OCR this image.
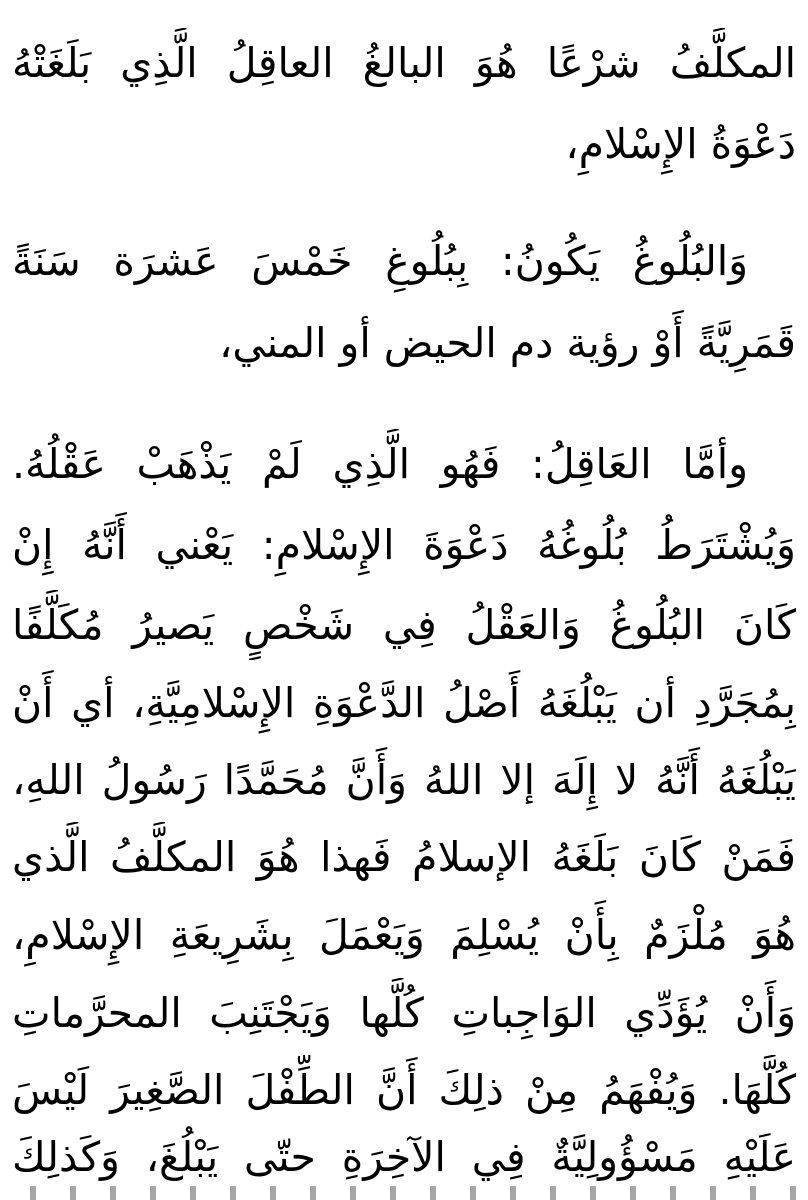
المكلَّفُ شرْعًا هُوَ البالغُ العاقِلُ الَّذِي بَلَغَتْهُ
دَعْوَةُ الإِسْلامِ،
وَالبُلُوغُ يَكُونُ: بِبُلُوغِ خَمْسَ عَشرَة سَنَةً
قَمَرِيَّةً أَوْ رؤية دم الحيض أو المني،
وأمَّا العَاقِلُ: فَهُو الَّذِي لَمْ يَذْهَبْ عَقْلُهُ.
وَيُشْتَرَطُ بُلُوغُهُ دَعْوَةَ الإِسْلامِ: يَعْني أَنَّهُ إِنْ
كَانَ البُلُوغُ وَالعَقْلُ فِي شَخْصٍ يَصيرُ مُكَلَّفًا
بِمُجَرَّدِ أن يَبْلُغَهُ أَصْلُ الدَّعْوَةِ الإِسْلامِيَّةِ، أي أَنْ
يَبْلُغَهُ أَنَّهُ لا إِلَهَ إلا اللهُ وَأَنَّ مُحَمَّدًا رَسُولُ اللهِ،
فَمَنْ كَانَ بَلَغَهُ الإسلامُ فَهذا هُوَ المكلَّفُ الَّذي
هُوَ مُلْزَمٌ بِأَنْ يُسْلِمَ وَيَعْمَلَ بِشَرِيعَةِ الإِسْلامِ،
وَأَنْ يُؤَدِّي الوَاجِباتِ كُلَّها وَيَجْتَنِبَ المحرَّماتِ
كُلَّهَا. وَيُفْهَمُ مِنْ ذلِكَ أَنَّ الطِّفْلَ الصَّغِيرَ لَيْسَ
عَلَيْهِ مَسْؤُولِيَّةٌ فِي الآخِرَةِ حتّى يَبْلُغَ، وَكَذلِكَ
